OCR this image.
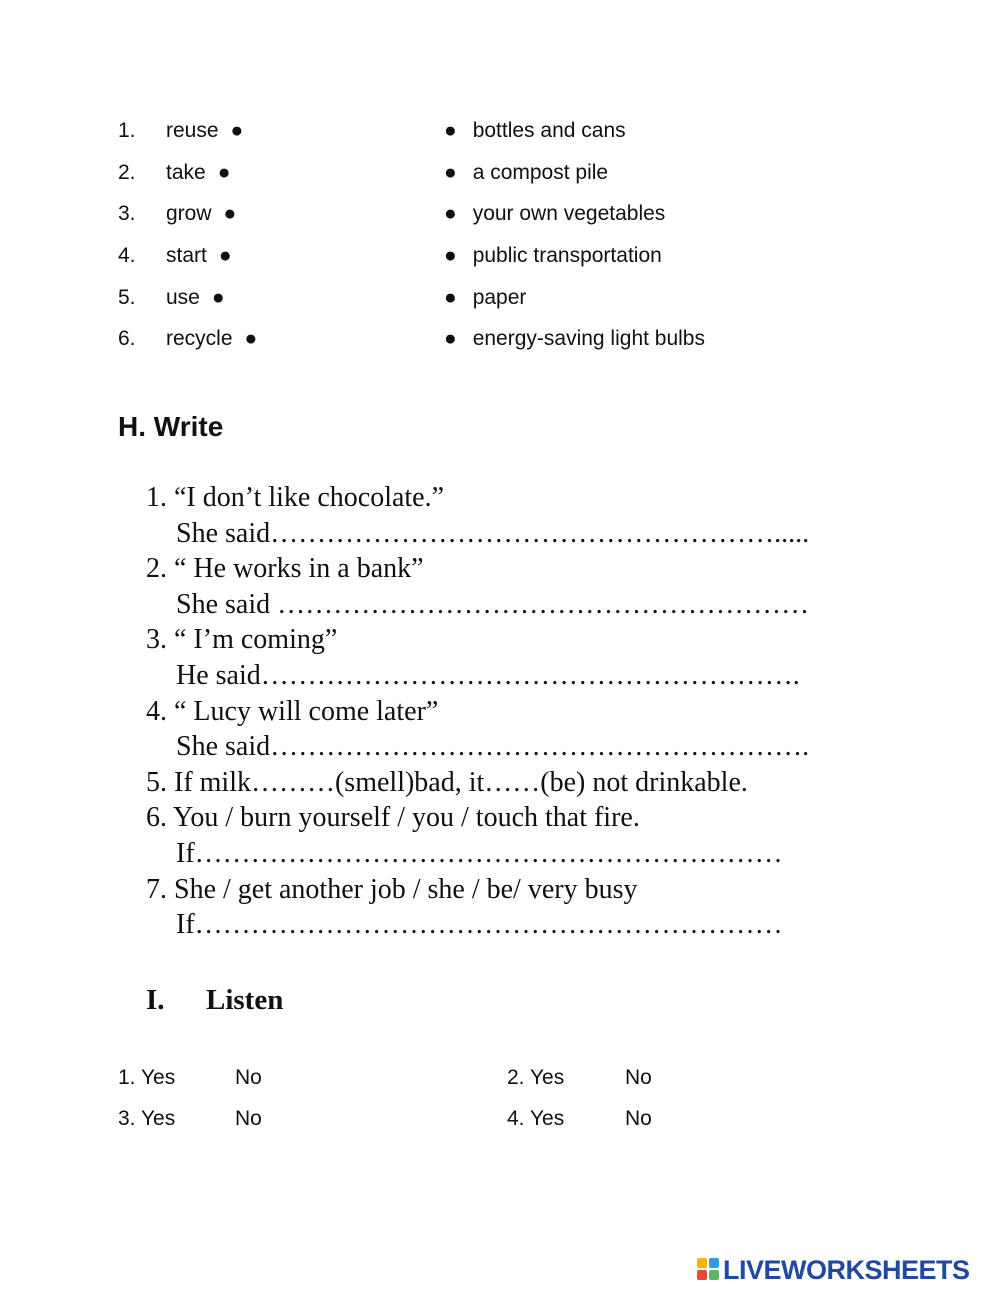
1. reuse ●	● bottles and cans
2. take ●	● a compost pile
3. grow ●	● your own vegetables
4. start ●	● public transportation
5. use ●	● paper
6. recycle ●	● energy-saving light bulbs
H. Write
1. “I don’t like chocolate.”
She said……………………………………………….....
2. “ He works in a bank”
She said …………………………………………………
3. “ I’m coming”
He said………………………………………………….
4. “ Lucy will come later”
She said………………………………………………….
5. If milk………(smell)bad, it……(be) not drinkable.
6. You / burn yourself / you / touch that fire.
If………………………………………………………
7. She / get another job / she / be/ very busy
If………………………………………………………
I. Listen
1. Yes	No	2. Yes	No
3. Yes	No	4. Yes	No
LIVEWORKSHEETS
